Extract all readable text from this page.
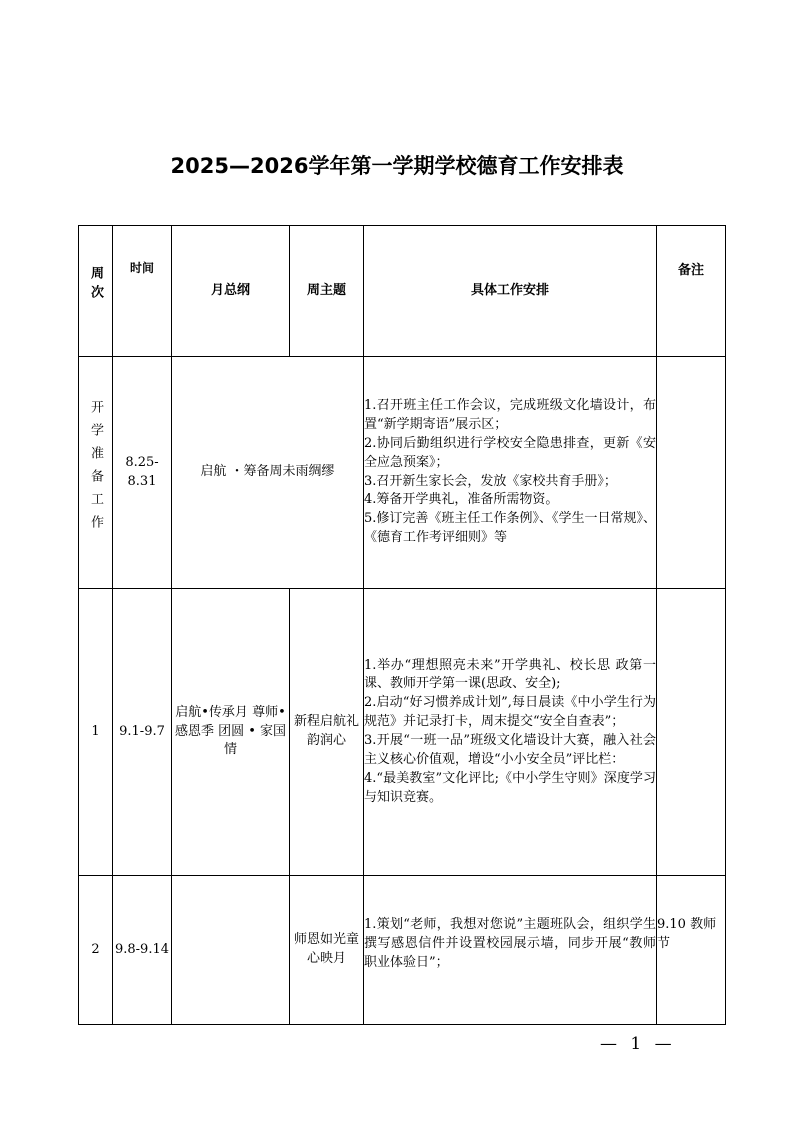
2025—2026学年第一学期学校德育工作安排表
周次	时间	月总纲	周主题	具体工作安排	备注
开学准备工作	8.25-8.31	启航 ・筹备周未雨绸缪		1.召开班主任工作会议，完成班级文化墙设计，布置“新学期寄语”展示区；

2.协同后勤组织进行学校安全隐患排查，更新《安全应急预案》；

3.召开新生家长会，发放《家校共育手册》；

4.筹备开学典礼，准备所需物资。

5.修订完善《班主任工作条例》、《学生一日常规》、《德育工作考评细则》等	

1	9.1-9.7	启航•传承月 尊师•感恩季 团圆 • 家国情	新程启航礼韵润心	1.举办“理想照亮未来”开学典礼、校长思 政第一课、教师开学第一课(思政、安全);

2.启动“好习惯养成计划”,每日晨读《中小学生行为规范》并记录打卡，周末提交“安全自查表”；

3.开展“一班一品”班级文化墙设计大赛，融入社会主义核心价值观，增设“小小安全员”评比栏：

4.“最美教室”文化评比;《中小学生守则》深度学习与知识竞赛。	

2	9.8-9.14		师恩如光童心映月	1.策划“老师，我想对您说”主题班队会，组织学生撰写感恩信件并设置校园展示墙，同步开展“教师职业体验日”；	9.10 教师节
— 1 —
